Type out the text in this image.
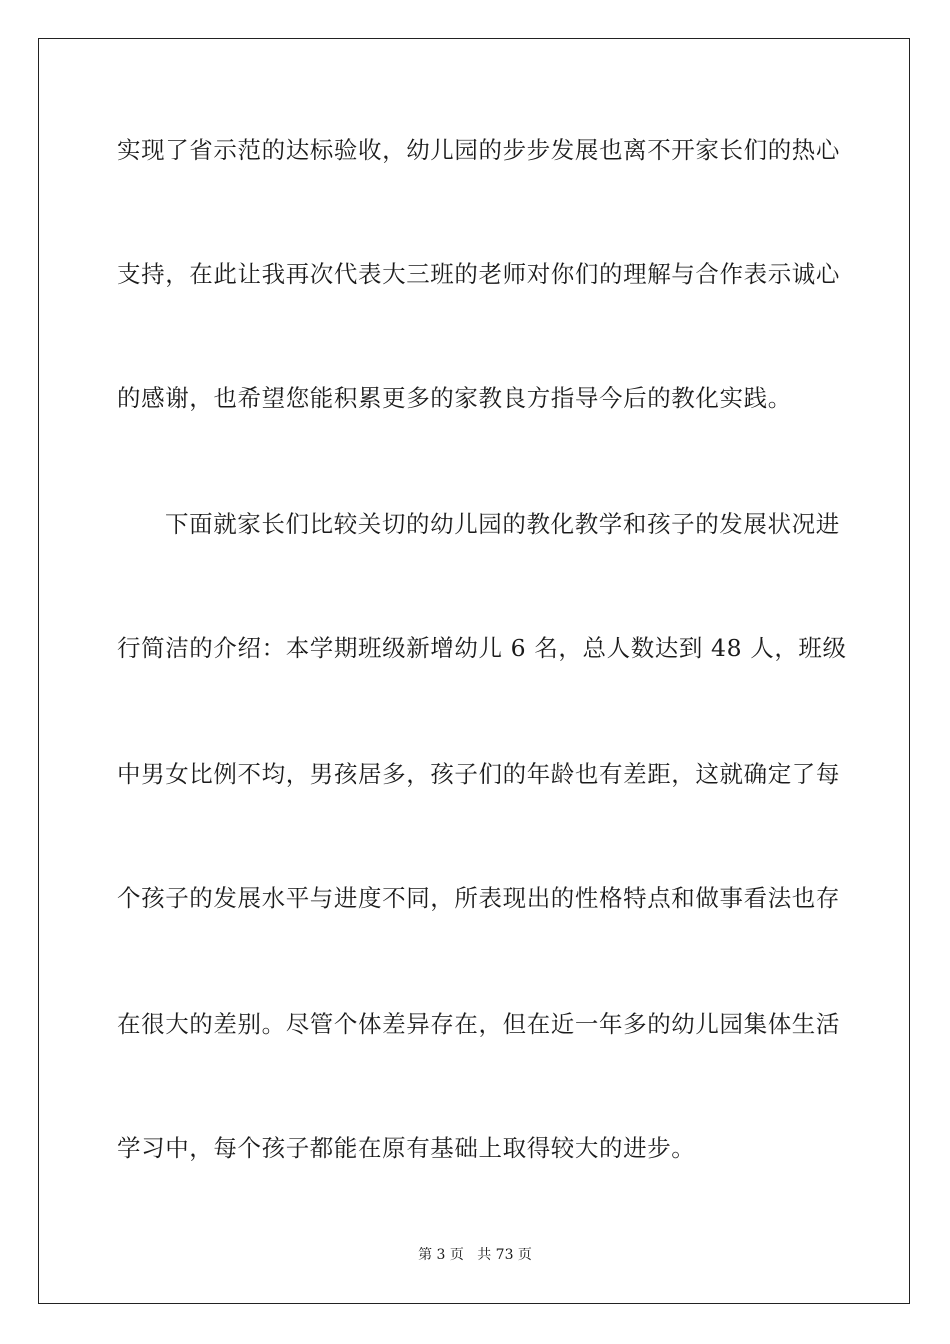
实现了省示范的达标验收，幼儿园的步步发展也离不开家长们的热心
支持，在此让我再次代表大三班的老师对你们的理解与合作表示诚心
的感谢，也希望您能积累更多的家教良方指导今后的教化实践。
下面就家长们比较关切的幼儿园的教化教学和孩子的发展状况进
行简洁的介绍：本学期班级新增幼儿 6 名，总人数达到 48 人，班级
中男女比例不均，男孩居多，孩子们的年龄也有差距，这就确定了每
个孩子的发展水平与进度不同，所表现出的性格特点和做事看法也存
在很大的差别。尽管个体差异存在，但在近一年多的幼儿园集体生活
学习中，每个孩子都能在原有基础上取得较大的进步。
第 3 页   共 73 页
